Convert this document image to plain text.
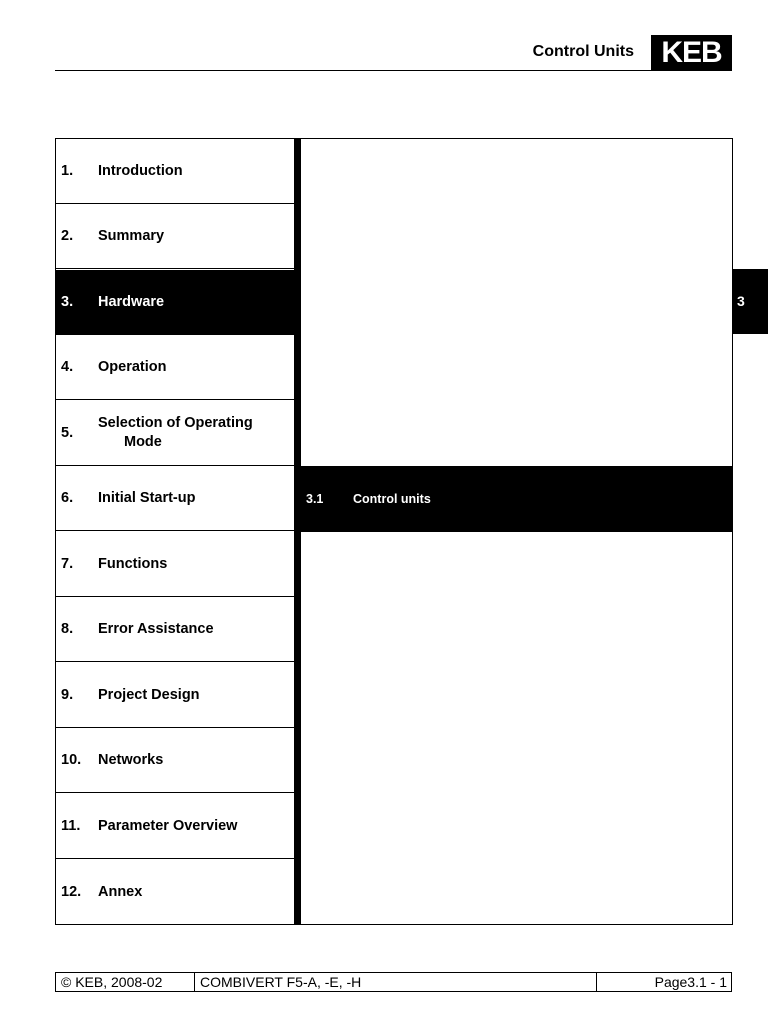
Control Units KEB
1. Introduction
2. Summary
3. Hardware
4. Operation
5.
Selection of Operating
Mode
6. Initial Start-up
7. Functions
8. Error Assistance
9. Project Design
10. Networks
11. Parameter Overview
12. Annex
3.1 Control units
3
© KEB, 2008-02	COMBIVERT F5-A, -E, -H	Page3.1 - 1
